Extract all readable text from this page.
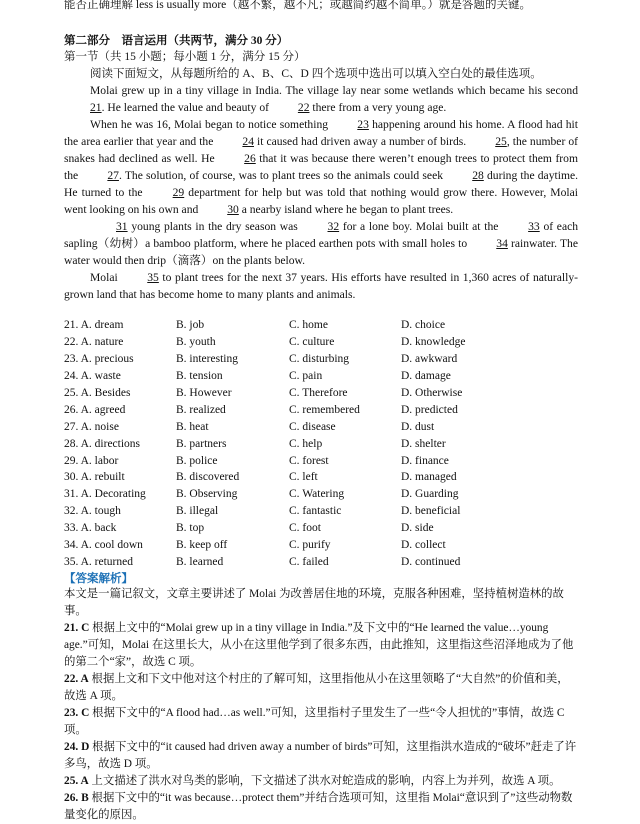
能否正确理解 less is usually more（越不繁，越不凡；或越简约越不简单。）就是答题的关键。
第二部分　语言运用（共两节，满分 30 分）
第一节（共 15 小题；每小题 1 分，满分 15 分）
阅读下面短文，从每题所给的 A、B、C、D 四个选项中选出可以填入空白处的最佳选项。

Molai grew up in a tiny village in India. The village lay near some wetlands which became his second 21. He learned the value and beauty of 22 there from a very young age.

When he was 16, Molai began to notice something	23 happening around his home. A flood had hit the area earlier that year and the	24 it caused had driven away a number of birds.	25, the number of snakes had declined as well. He	26 that it was because there weren’t enough trees to protect them from the	27. The solution, of course, was to plant trees so the animals could seek	28 during the daytime. He turned to the	29 department for help but was told that nothing would grow there. However, Molai went looking on his own and 30 a nearby island where he began to plant trees.

31 young plants in the dry season was	32 for a lone boy. Molai built at the	33 of each sapling（幼树）a bamboo platform, where he placed earthen pots with small holes to	34 rainwater. The water would then drip（滴落）on the plants below.

Molai	35 to plant trees for the next 37 years. His efforts have resulted in 1,360 acres of naturally-grown land that has become home to many plants and animals.

21. A. dream	B. job	C. home	D. choice
22. A. nature	B. youth	C. culture	D. knowledge
23. A. precious	B. interesting	C. disturbing	D. awkward
24. A. waste	B. tension	C. pain	D. damage
25. A. Besides	B. However	C. Therefore	D. Otherwise
26. A. agreed	B. realized	C. remembered	D. predicted
27. A. noise	B. heat	C. disease	D. dust
28. A. directions	B. partners	C. help	D. shelter
29. A. labor	B. police	C. forest	D. finance
30. A. rebuilt	B. discovered	C. left	D. managed
31. A. Decorating	B. Observing	C. Watering	D. Guarding
32. A. tough	B. illegal	C. fantastic	D. beneficial
33. A. back	B. top	C. foot	D. side
34. A. cool down	B. keep off	C. purify	D. collect
35. A. returned	B. learned	C. failed	D. continued
【答案解析】

本文是一篇记叙文，文章主要讲述了 Molai 为改善居住地的环境，克服各种困难，坚持植树造林的故事。

21. C 根据上文中的“Molai grew up in a tiny village in India.”及下文中的“He learned the value…young age.”可知，Molai 在这里长大，从小在这里他学到了很多东西，由此推知，这里指这些沼泽地成为了他的第二个“家”，故选 C 项。

22. A 根据上文和下文中他对这个村庄的了解可知，这里指他从小在这里领略了“大自然”的价值和美，故选 A 项。

23. C 根据下文中的“A flood had…as well.”可知，这里指村子里发生了一些“令人担忧的”事情，故选 C 项。

24. D 根据下文中的“it caused had driven away a number of birds”可知，这里指洪水造成的“破坏”赶走了许多鸟，故选 D 项。

25. A 上文描述了洪水对鸟类的影响，下文描述了洪水对蛇造成的影响，内容上为并列，故选 A 项。

26. B 根据下文中的“it was because…protect them”并结合选项可知，这里指 Molai“意识到了”这些动物数量变化的原因。
